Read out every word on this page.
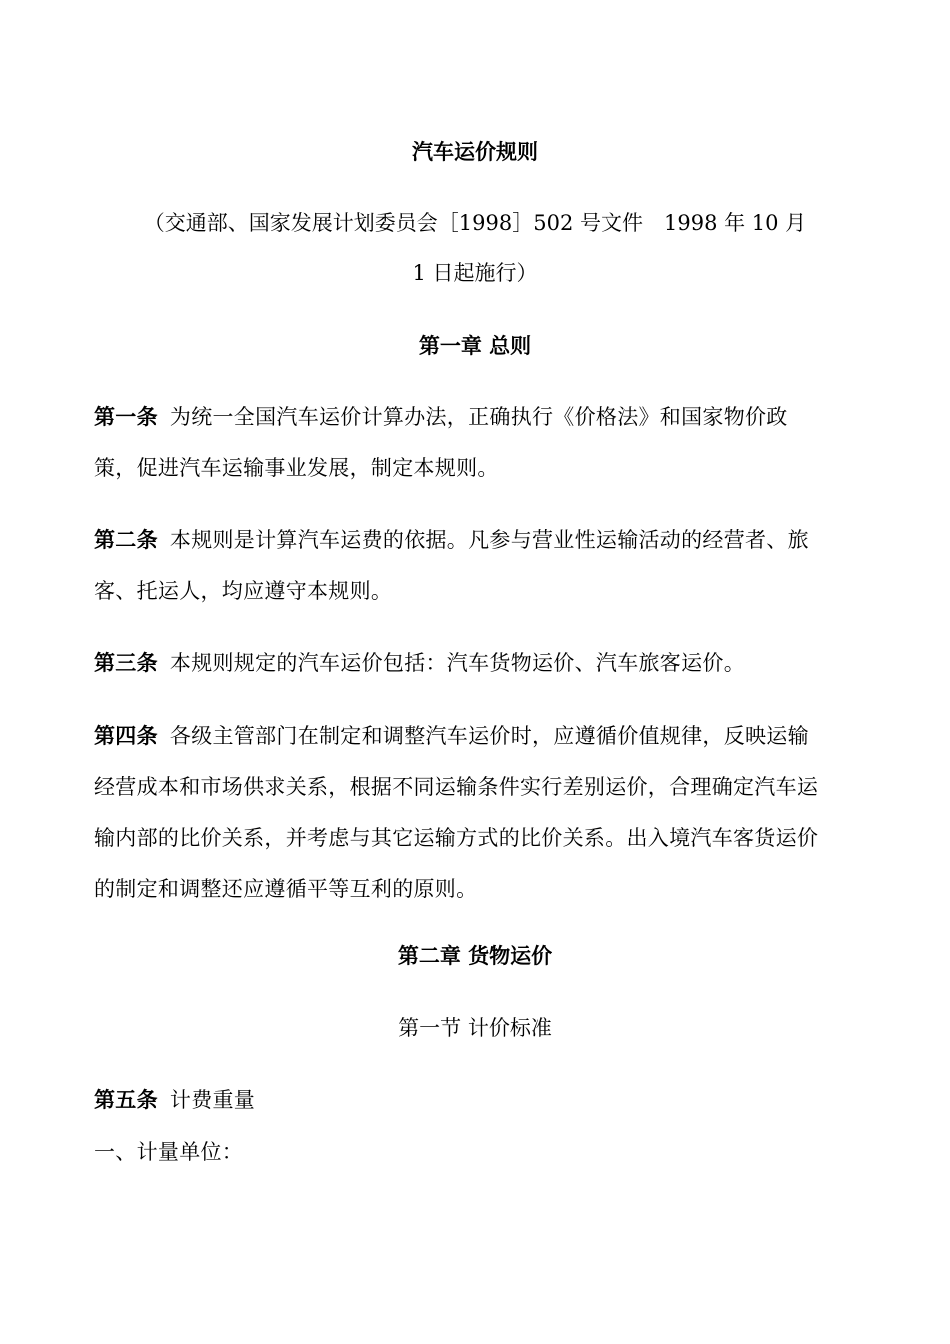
汽车运价规则
（交通部、国家发展计划委员会［1998］502 号文件　1998 年 10 月
1 日起施行）
第一章 总则
第一条 为统一全国汽车运价计算办法，正确执行《价格法》和国家物价政
策，促进汽车运输事业发展，制定本规则。
第二条 本规则是计算汽车运费的依据。凡参与营业性运输活动的经营者、旅
客、托运人，均应遵守本规则。
第三条 本规则规定的汽车运价包括：汽车货物运价、汽车旅客运价。
第四条 各级主管部门在制定和调整汽车运价时，应遵循价值规律，反映运输
经营成本和市场供求关系，根据不同运输条件实行差别运价，合理确定汽车运
输内部的比价关系，并考虑与其它运输方式的比价关系。出入境汽车客货运价
的制定和调整还应遵循平等互利的原则。
第二章 货物运价
第一节 计价标准
第五条 计费重量
一、计量单位：
